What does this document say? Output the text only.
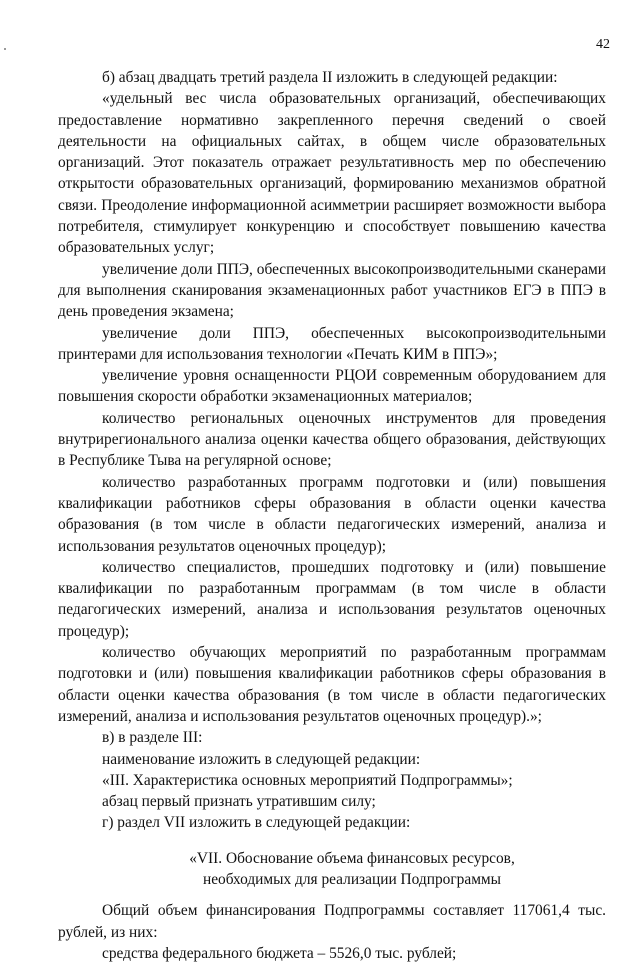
42

б) абзац двадцать третий раздела II изложить в следующей редакции:

«удельный вес числа образовательных организаций, обеспечивающих предоставление нормативно закрепленного перечня сведений о своей деятельности на официальных сайтах, в общем числе образовательных организаций. Этот показатель отражает результативность мер по обеспечению открытости образовательных организаций, формированию механизмов обратной связи. Преодоление информационной асимметрии расширяет возможности выбора потребителя, стимулирует конкуренцию и способствует повышению качества образовательных услуг;

увеличение доли ППЭ, обеспеченных высокопроизводительными сканерами для выполнения сканирования экзаменационных работ участников ЕГЭ в ППЭ в день проведения экзамена;

увеличение доли ППЭ, обеспеченных высокопроизводительными принтерами для использования технологии «Печать КИМ в ППЭ»;

увеличение уровня оснащенности РЦОИ современным оборудованием для повышения скорости обработки экзаменационных материалов;

количество региональных оценочных инструментов для проведения внутрирегионального анализа оценки качества общего образования, действующих в Республике Тыва на регулярной основе;

количество разработанных программ подготовки и (или) повышения квалификации работников сферы образования в области оценки качества образования (в том числе в области педагогических измерений, анализа и использования результатов оценочных процедур);

количество специалистов, прошедших подготовку и (или) повышение квалификации по разработанным программам (в том числе в области педагогических измерений, анализа и использования результатов оценочных процедур);

количество обучающих мероприятий по разработанным программам подготовки и (или) повышения квалификации работников сферы образования в области оценки качества образования (в том числе в области педагогических измерений, анализа и использования результатов оценочных процедур).»;

в) в разделе III:

наименование изложить в следующей редакции:

«III. Характеристика основных мероприятий Подпрограммы»;

абзац первый признать утратившим силу;

г) раздел VII изложить в следующей редакции:

«VII. Обоснование объема финансовых ресурсов,
необходимых для реализации Подпрограммы

Общий объем финансирования Подпрограммы составляет 117061,4 тыс. рублей, из них:

средства федерального бюджета – 5526,0 тыс. рублей;
